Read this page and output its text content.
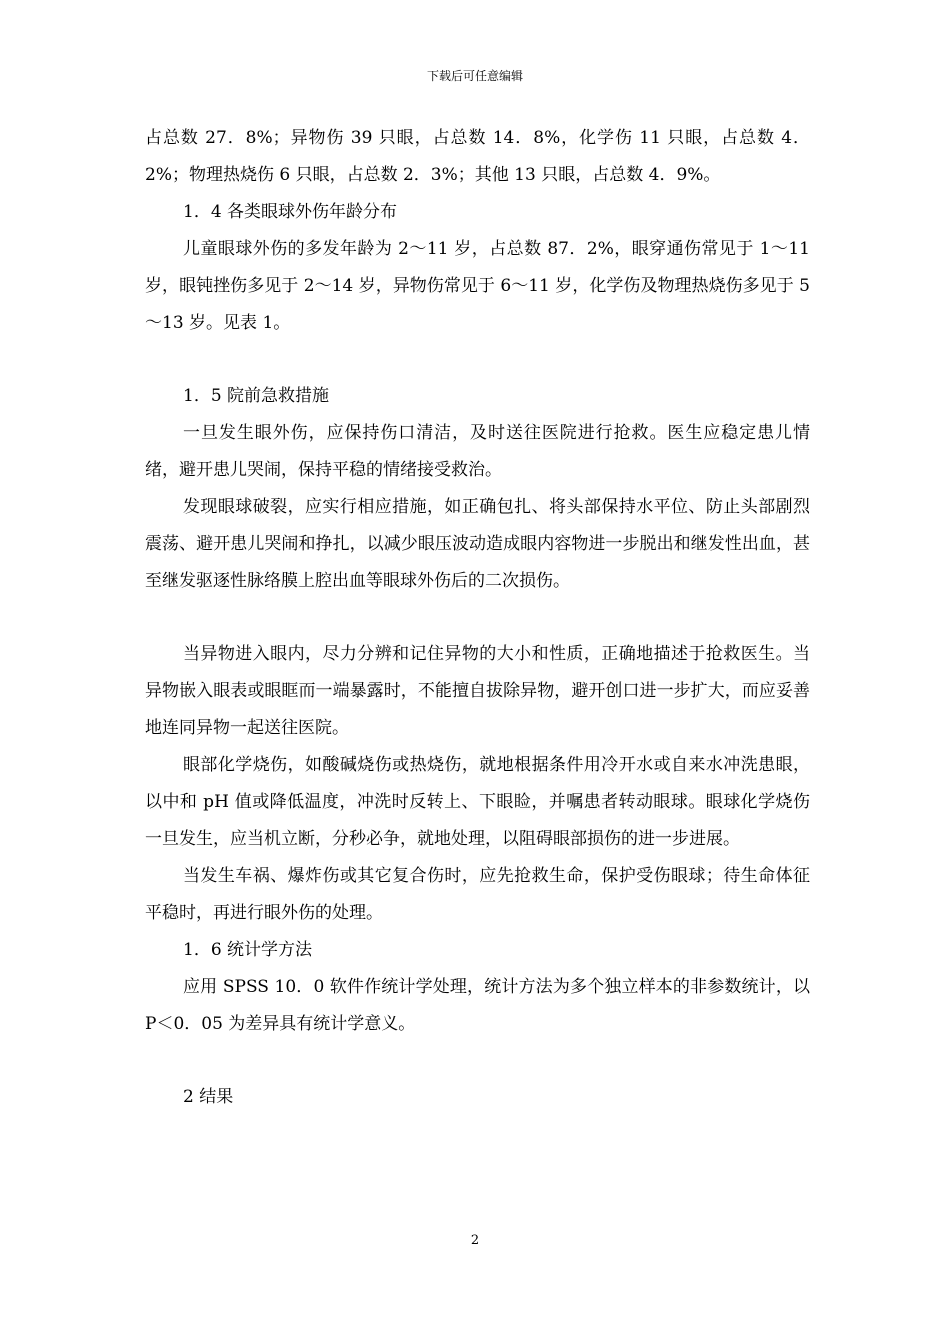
下载后可任意编辑

占总数 27．8%；异物伤 39 只眼，占总数 14．8%，化学伤 11 只眼，占总数 4．2%；物理热烧伤 6 只眼，占总数 2．3%；其他 13 只眼，占总数 4．9%。

1．4 各类眼球外伤年龄分布

儿童眼球外伤的多发年龄为 2～11 岁，占总数 87．2%，眼穿通伤常见于 1～11 岁，眼钝挫伤多见于 2～14 岁，异物伤常见于 6～11 岁，化学伤及物理热烧伤多见于 5～13 岁。见表 1。

1．5 院前急救措施

一旦发生眼外伤，应保持伤口清洁，及时送往医院进行抢救。医生应稳定患儿情绪，避开患儿哭闹，保持平稳的情绪接受救治。

发现眼球破裂，应实行相应措施，如正确包扎、将头部保持水平位、防止头部剧烈震荡、避开患儿哭闹和挣扎，以减少眼压波动造成眼内容物进一步脱出和继发性出血，甚至继发驱逐性脉络膜上腔出血等眼球外伤后的二次损伤。

当异物进入眼内，尽力分辨和记住异物的大小和性质，正确地描述于抢救医生。当异物嵌入眼表或眼眶而一端暴露时，不能擅自拔除异物，避开创口进一步扩大，而应妥善地连同异物一起送往医院。

眼部化学烧伤，如酸碱烧伤或热烧伤，就地根据条件用冷开水或自来水冲洗患眼，以中和 pH 值或降低温度，冲洗时反转上、下眼睑，并嘱患者转动眼球。眼球化学烧伤一旦发生，应当机立断，分秒必争，就地处理，以阻碍眼部损伤的进一步进展。

当发生车祸、爆炸伤或其它复合伤时，应先抢救生命，保护受伤眼球；待生命体征平稳时，再进行眼外伤的处理。

1．6 统计学方法

应用 SPSS 10．0 软件作统计学处理，统计方法为多个独立样本的非参数统计，以 P＜0．05 为差异具有统计学意义。

2 结果

2
